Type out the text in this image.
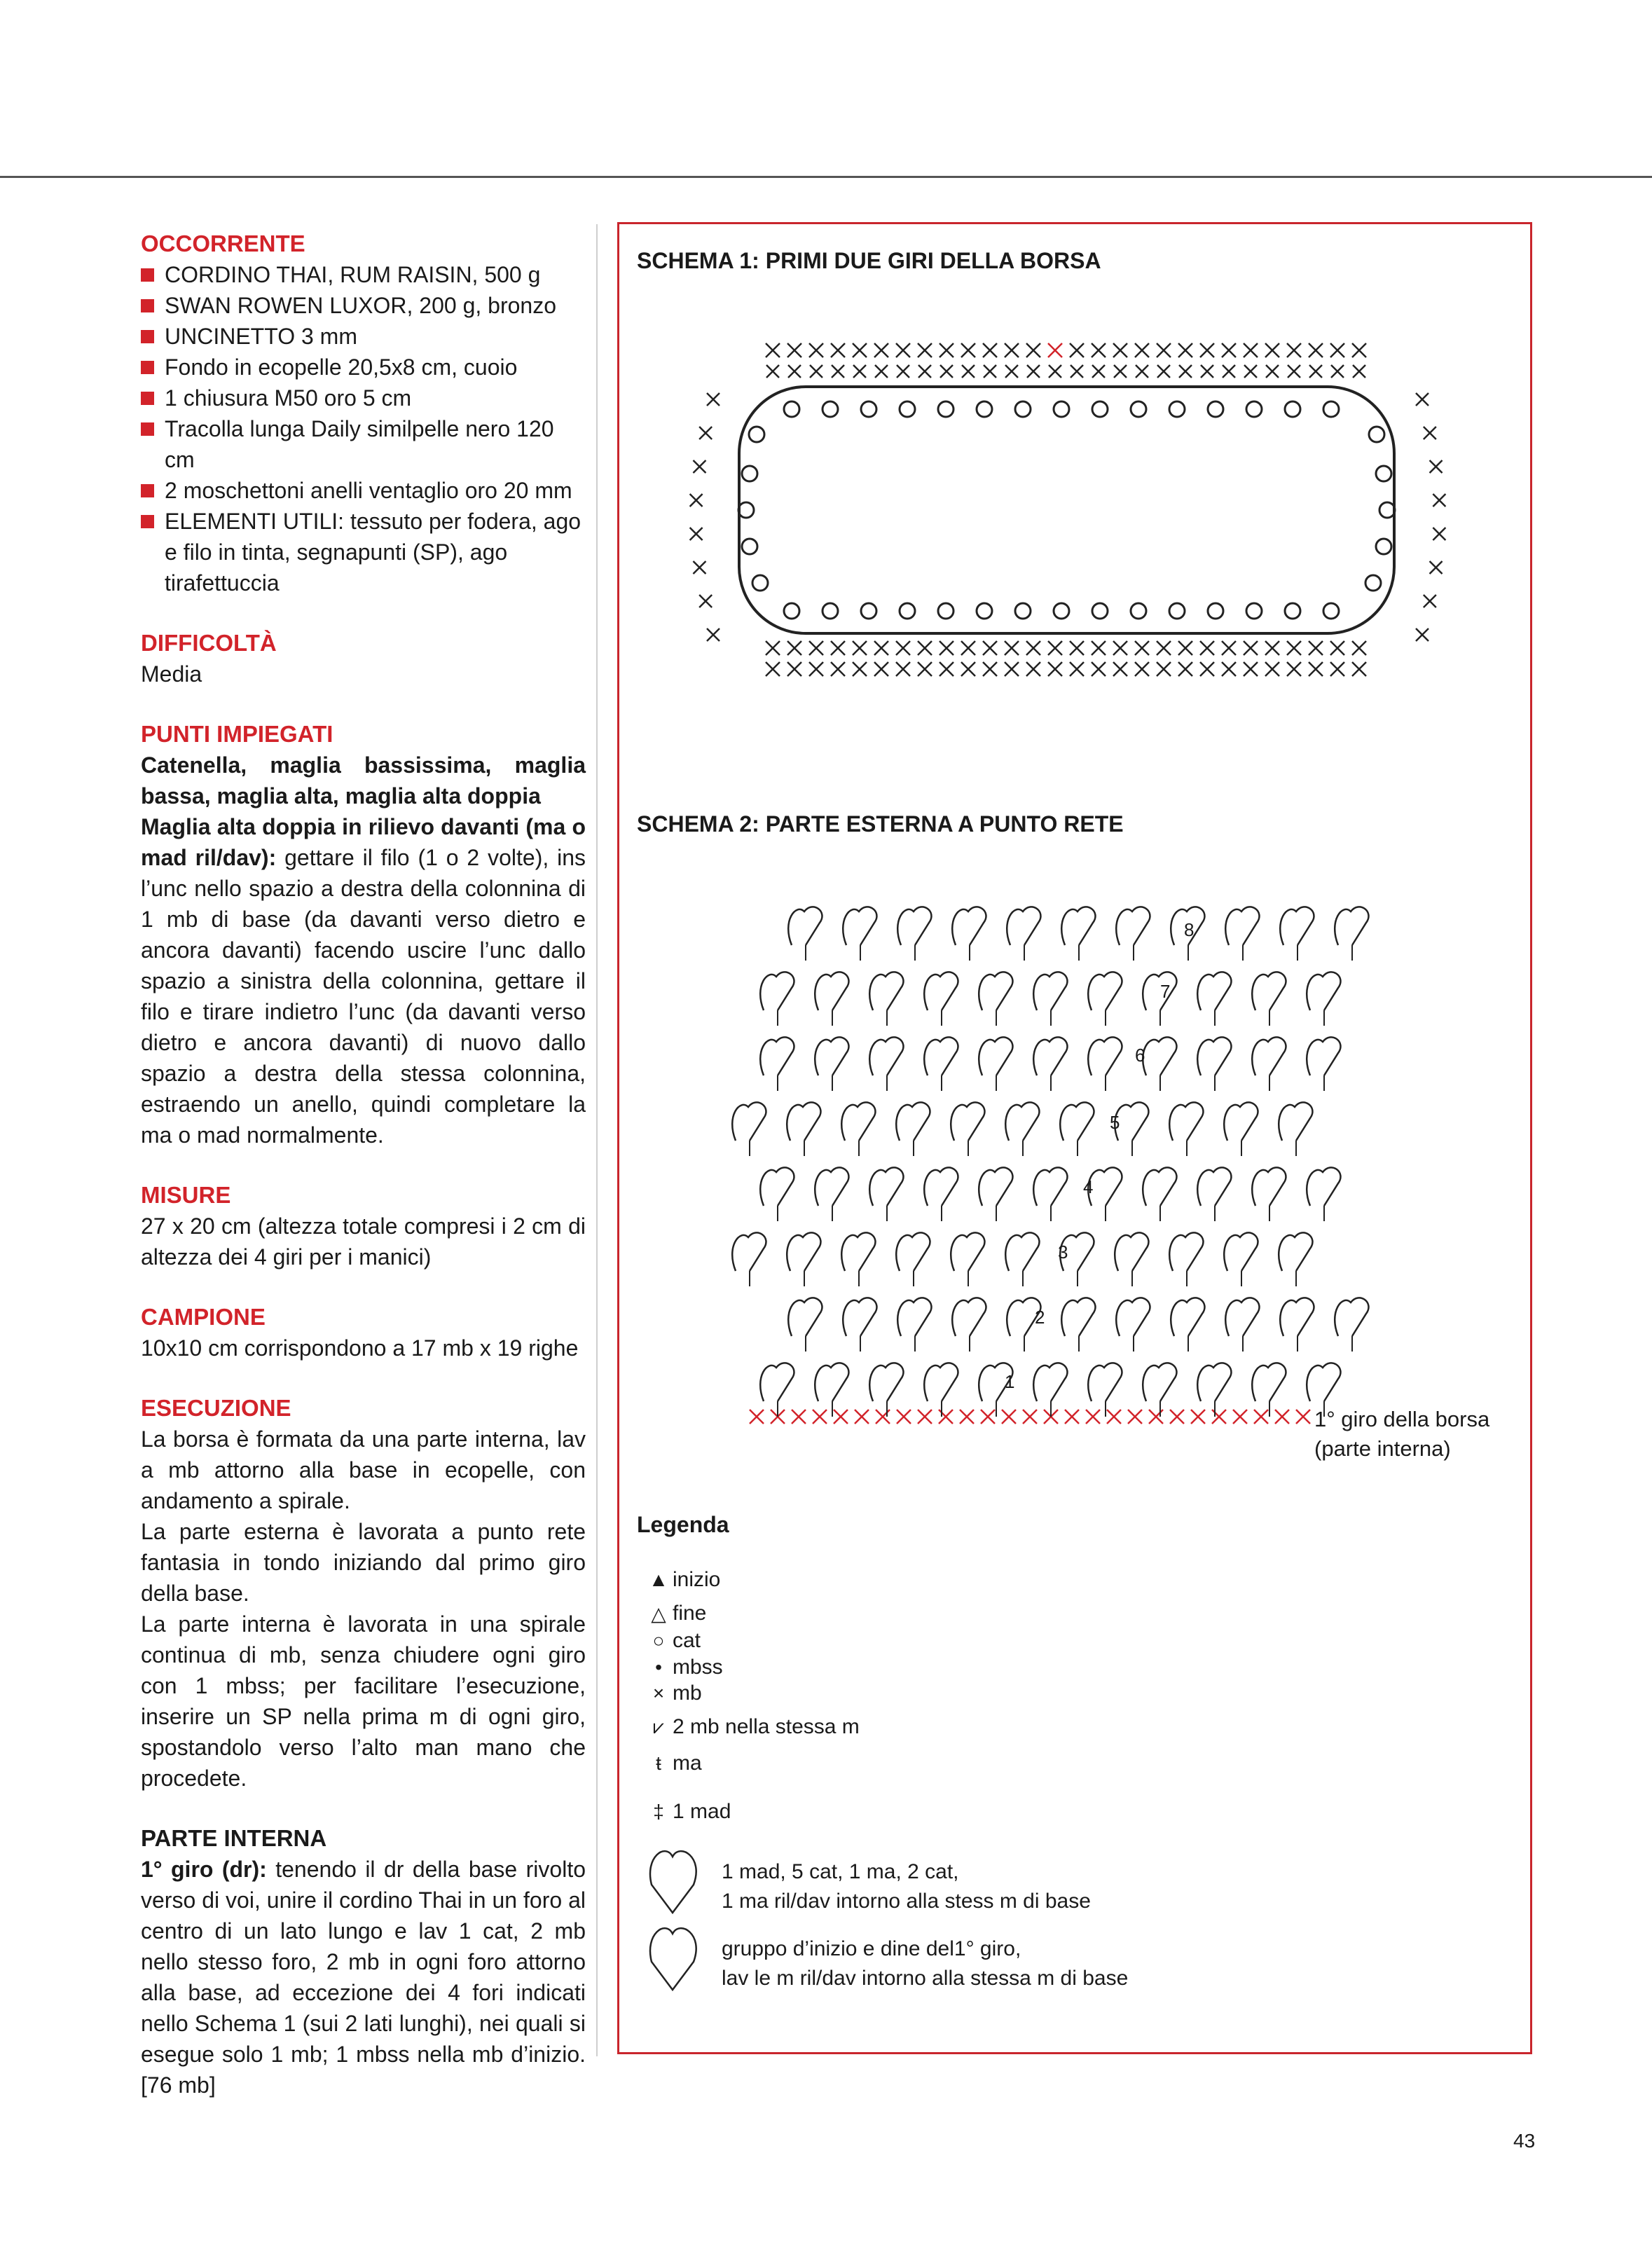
OCCORRENTE
CORDINO THAI, RUM RAISIN, 500 g
SWAN ROWEN LUXOR, 200 g, bronzo
UNCINETTO 3 mm
Fondo in ecopelle 20,5x8 cm, cuoio
1 chiusura M50 oro 5 cm
Tracolla lunga Daily similpelle nero 120 cm
2 moschettoni anelli ventaglio oro 20 mm
ELEMENTI UTILI: tessuto per fodera, ago e filo in tinta, segnapunti (SP), ago tirafettuccia
DIFFICOLTÀ

Media

PUNTI IMPIEGATI

Catenella, maglia bassissima, maglia bassa, maglia alta, maglia alta doppia

Maglia alta doppia in rilievo davanti (ma o mad ril/dav): gettare il filo (1 o 2 volte), ins l’unc nello spazio a destra della colonnina di 1 mb di base (da davanti verso dietro e ancora davanti) facendo uscire l’unc dallo spazio a sinistra della colonnina, gettare il filo e tirare indietro l’unc (da davanti verso dietro e ancora davanti) di nuovo dallo spazio a destra della stessa colonnina, estraendo un anello, quindi completare la ma o mad normalmente.

MISURE

27 x 20 cm (altezza totale compresi i 2 cm di altezza dei 4 giri per i manici)

CAMPIONE

10x10 cm corrispondono a 17 mb x 19 righe

ESECUZIONE

La borsa è formata da una parte interna, lav a mb attorno alla base in ecopelle, con andamento a spirale.

La parte esterna è lavorata a punto rete fantasia in tondo iniziando dal primo giro della base.

La parte interna è lavorata in una spirale continua di mb, senza chiudere ogni giro con 1 mbss; per facilitare l’esecuzione, inserire un SP nella prima m di ogni giro, spostandolo verso l’alto man mano che procedete.

PARTE INTERNA

1° giro (dr): tenendo il dr della base rivolto verso di voi, unire il cordino Thai in un foro al centro di un lato lungo e lav 1 cat, 2 mb nello stesso foro, 2 mb in ogni foro attorno alla base, ad eccezione dei 4 fori indicati nello Schema 1 (sui 2 lati lunghi), nei quali si esegue solo 1 mb; 1 mbss nella mb d’inizio. [76 mb]

SCHEMA 1: PRIMI DUE GIRI DELLA BORSA
SCHEMA 2: PARTE ESTERNA A PUNTO RETE
1
2
3
4
5
6
7
8
1° giro della borsa
(parte interna)
Legenda
▲ inizio
△ fine
○ cat
• mbss
× mb
⩗ 2 mb nella stessa m
ŧ ma
‡ 1 mad
1 mad, 5 cat, 1 ma, 2 cat,
1 ma ril/dav intorno alla stess m di base
gruppo d’inizio e dine del1° giro,
lav le m ril/dav intorno alla stessa m di base
43
